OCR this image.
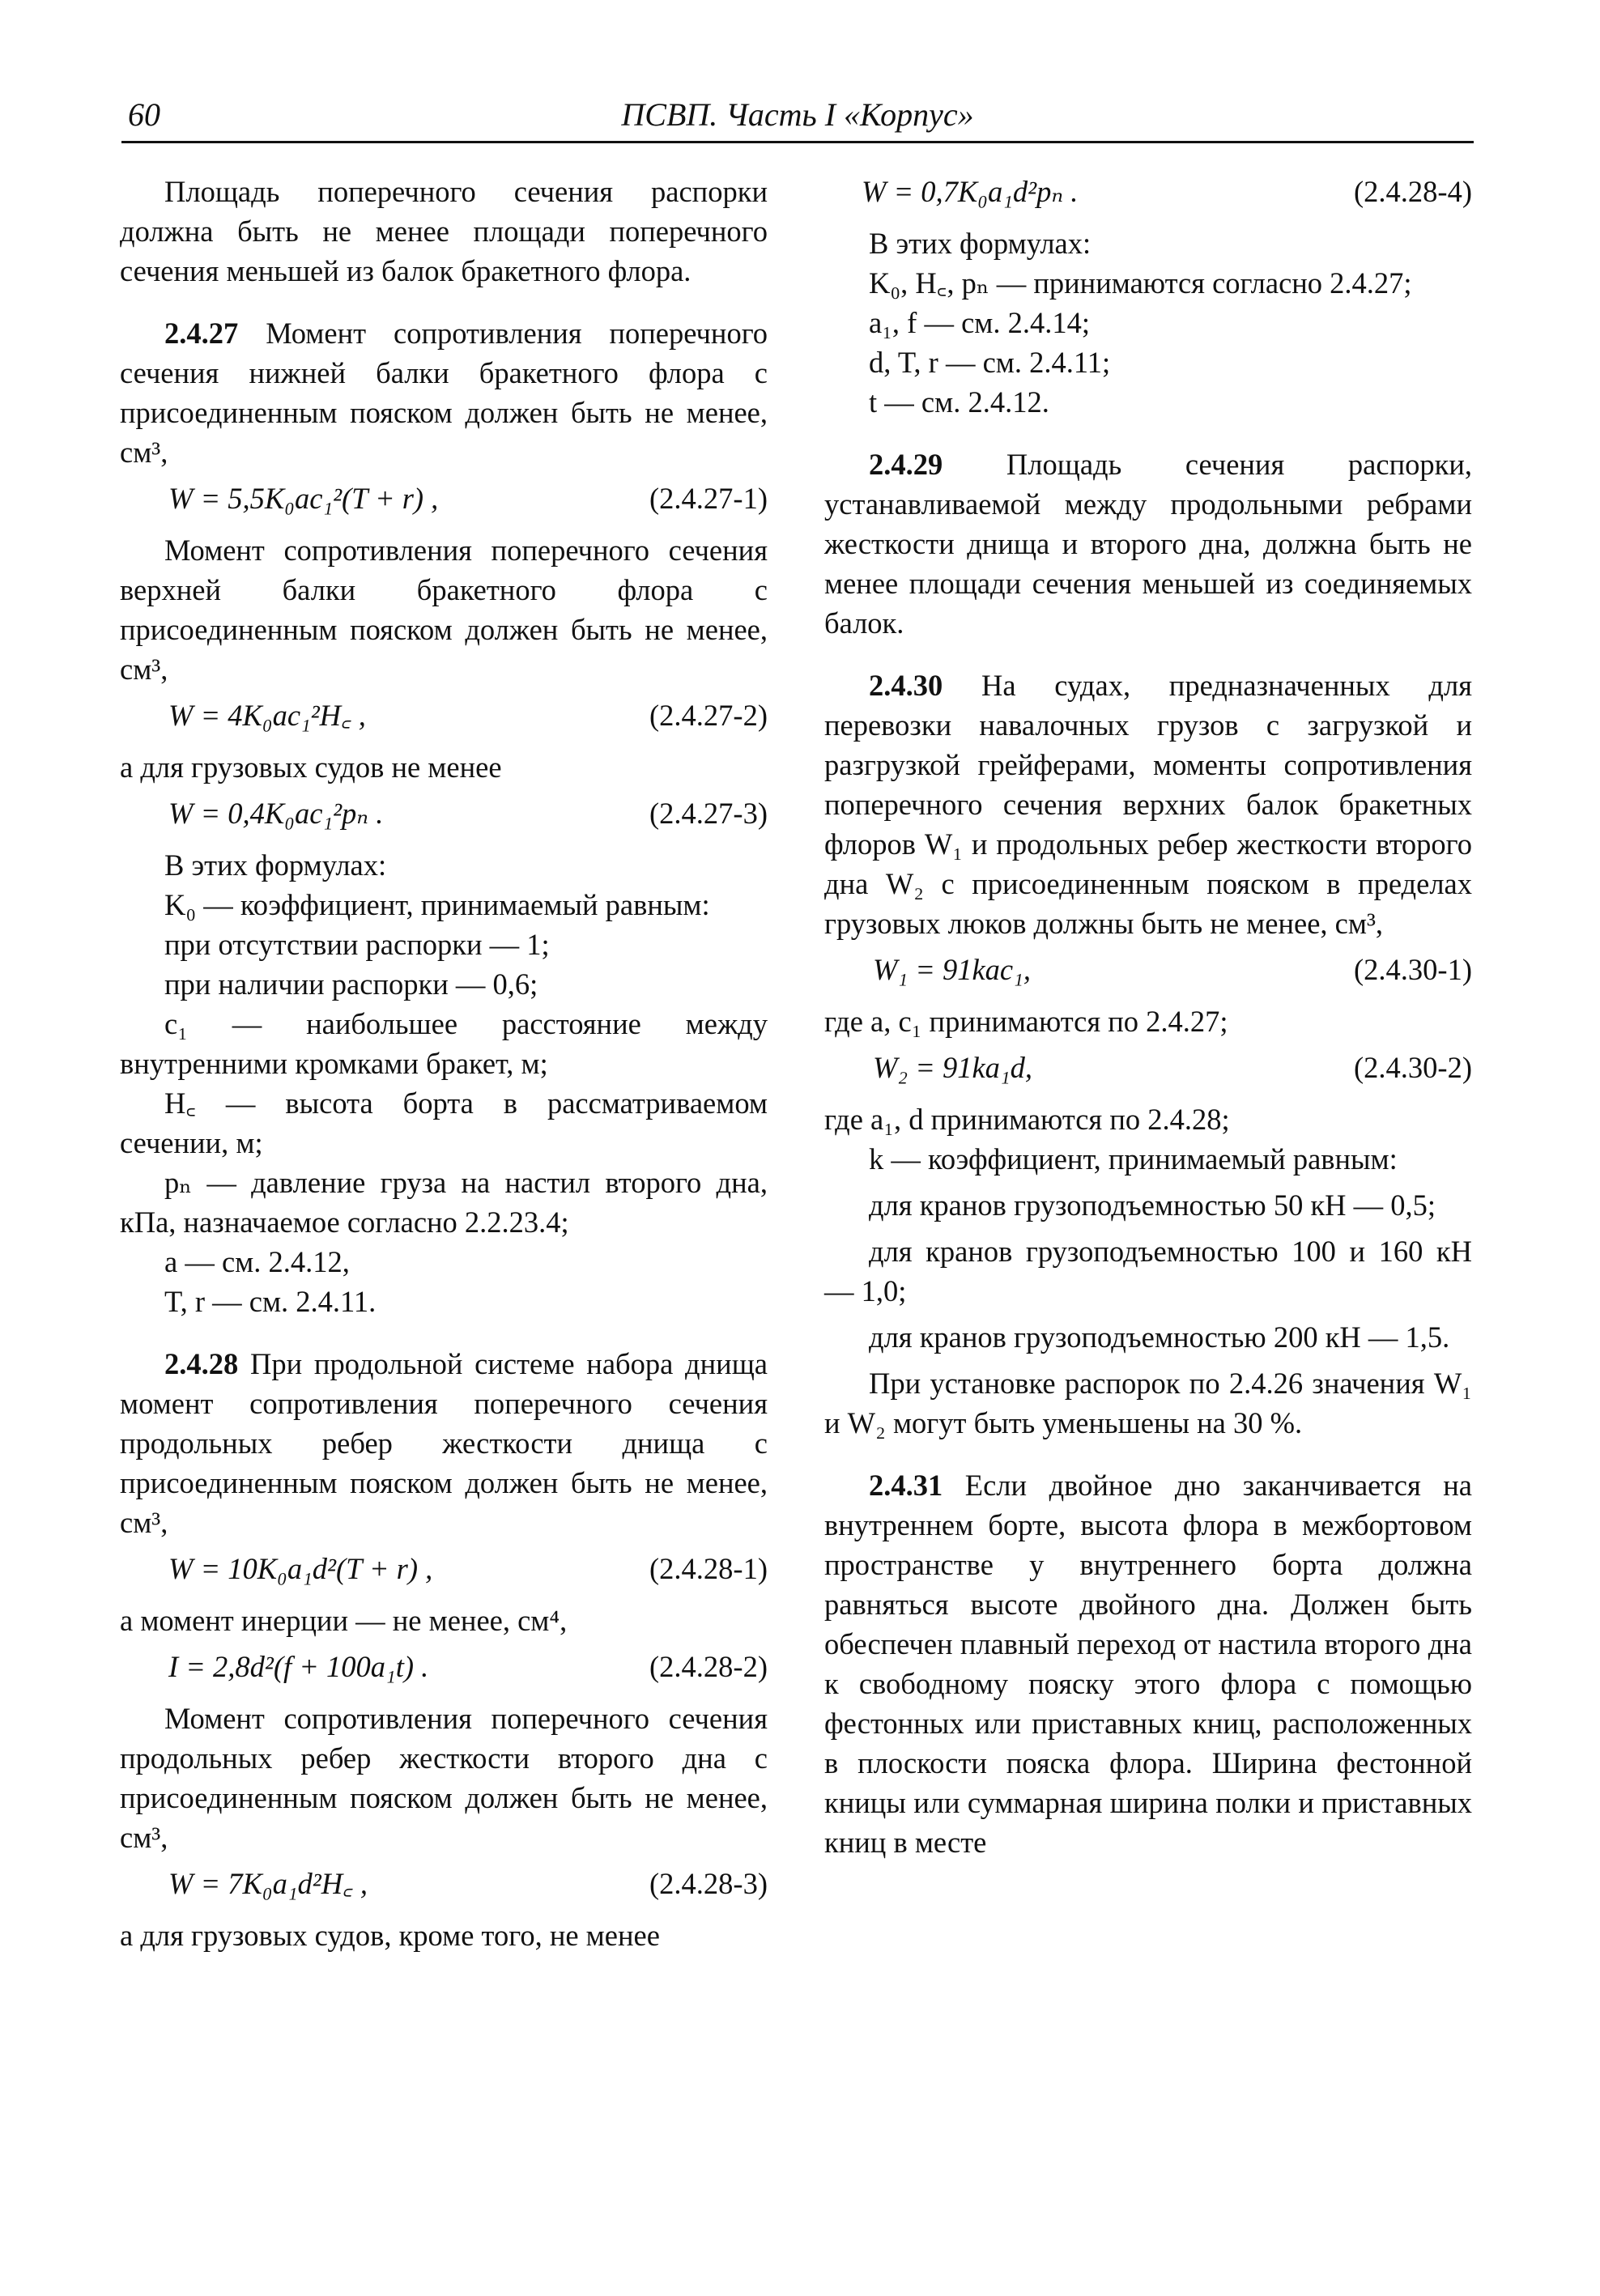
60	ПСВП. Часть I «Корпус»

Площадь поперечного сечения распорки должна быть не менее площади поперечного сечения меньшей из балок бракетного флора.

2.4.27 Момент сопротивления поперечного сечения нижней балки бракетного флора с присоединенным пояском должен быть не менее, см³,

W = 5,5K₀ac₁²(T + r) ,	(2.4.27-1)

Момент сопротивления поперечного сечения верхней балки бракетного флора с присоединенным пояском должен быть не менее, см³,

W = 4K₀ac₁²H꜀ ,	(2.4.27-2)

а для грузовых судов не менее

W = 0,4K₀ac₁²pₙ .	(2.4.27-3)

В этих формулах:

K₀ — коэффициент, принимаемый равным:

при отсутствии распорки — 1;

при наличии распорки — 0,6;

c₁ — наибольшее расстояние между внутренними кромками бракет, м;

H꜀ — высота борта в рассматриваемом сечении, м;

pₙ — давление груза на настил второго дна, кПа, назначаемое согласно 2.2.23.4;

a — см. 2.4.12,

T, r — см. 2.4.11.

2.4.28 При продольной системе набора днища момент сопротивления поперечного сечения продольных ребер жесткости днища с присоединенным пояском должен быть не менее, см³,

W = 10K₀a₁d²(T + r) ,	(2.4.28-1)

а момент инерции — не менее, см⁴,

I = 2,8d²(f + 100a₁t) .	(2.4.28-2)

Момент сопротивления поперечного сечения продольных ребер жесткости второго дна с присоединенным пояском должен быть не менее, см³,

W = 7K₀a₁d²H꜀ ,	(2.4.28-3)

а для грузовых судов, кроме того, не менее

W = 0,7K₀a₁d²pₙ .	(2.4.28-4)

В этих формулах:

K₀, H꜀, pₙ — принимаются согласно 2.4.27;

a₁, f — см. 2.4.14;

d, T, r — см. 2.4.11;

t — см. 2.4.12.

2.4.29 Площадь сечения распорки, устанавливаемой между продольными ребрами жесткости днища и второго дна, должна быть не менее площади сечения меньшей из соединяемых балок.

2.4.30 На судах, предназначенных для перевозки навалочных грузов с загрузкой и разгрузкой грейферами, моменты сопротивления поперечного сечения верхних балок бракетных флоров W₁ и продольных ребер жесткости второго дна W₂ с присоединенным пояском в пределах грузовых люков должны быть не менее, см³,

W₁ = 91kac₁,	(2.4.30-1)

где a, c₁ принимаются по 2.4.27;

W₂ = 91ka₁d,	(2.4.30-2)

где a₁, d принимаются по 2.4.28;

k — коэффициент, принимаемый равным:

для кранов грузоподъемностью 50 кН — 0,5;

для кранов грузоподъемностью 100 и 160 кН — 1,0;

для кранов грузоподъемностью 200 кН — 1,5.

При установке распорок по 2.4.26 значения W₁ и W₂ могут быть уменьшены на 30 %.

2.4.31 Если двойное дно заканчивается на внутреннем борте, высота флора в межбортовом пространстве у внутреннего борта должна равняться высоте двойного дна. Должен быть обеспечен плавный переход от настила второго дна к свободному пояску этого флора с помощью фестонных или приставных книц, расположенных в плоскости пояска флора. Ширина фестонной кницы или суммарная ширина полки и приставных книц в месте
